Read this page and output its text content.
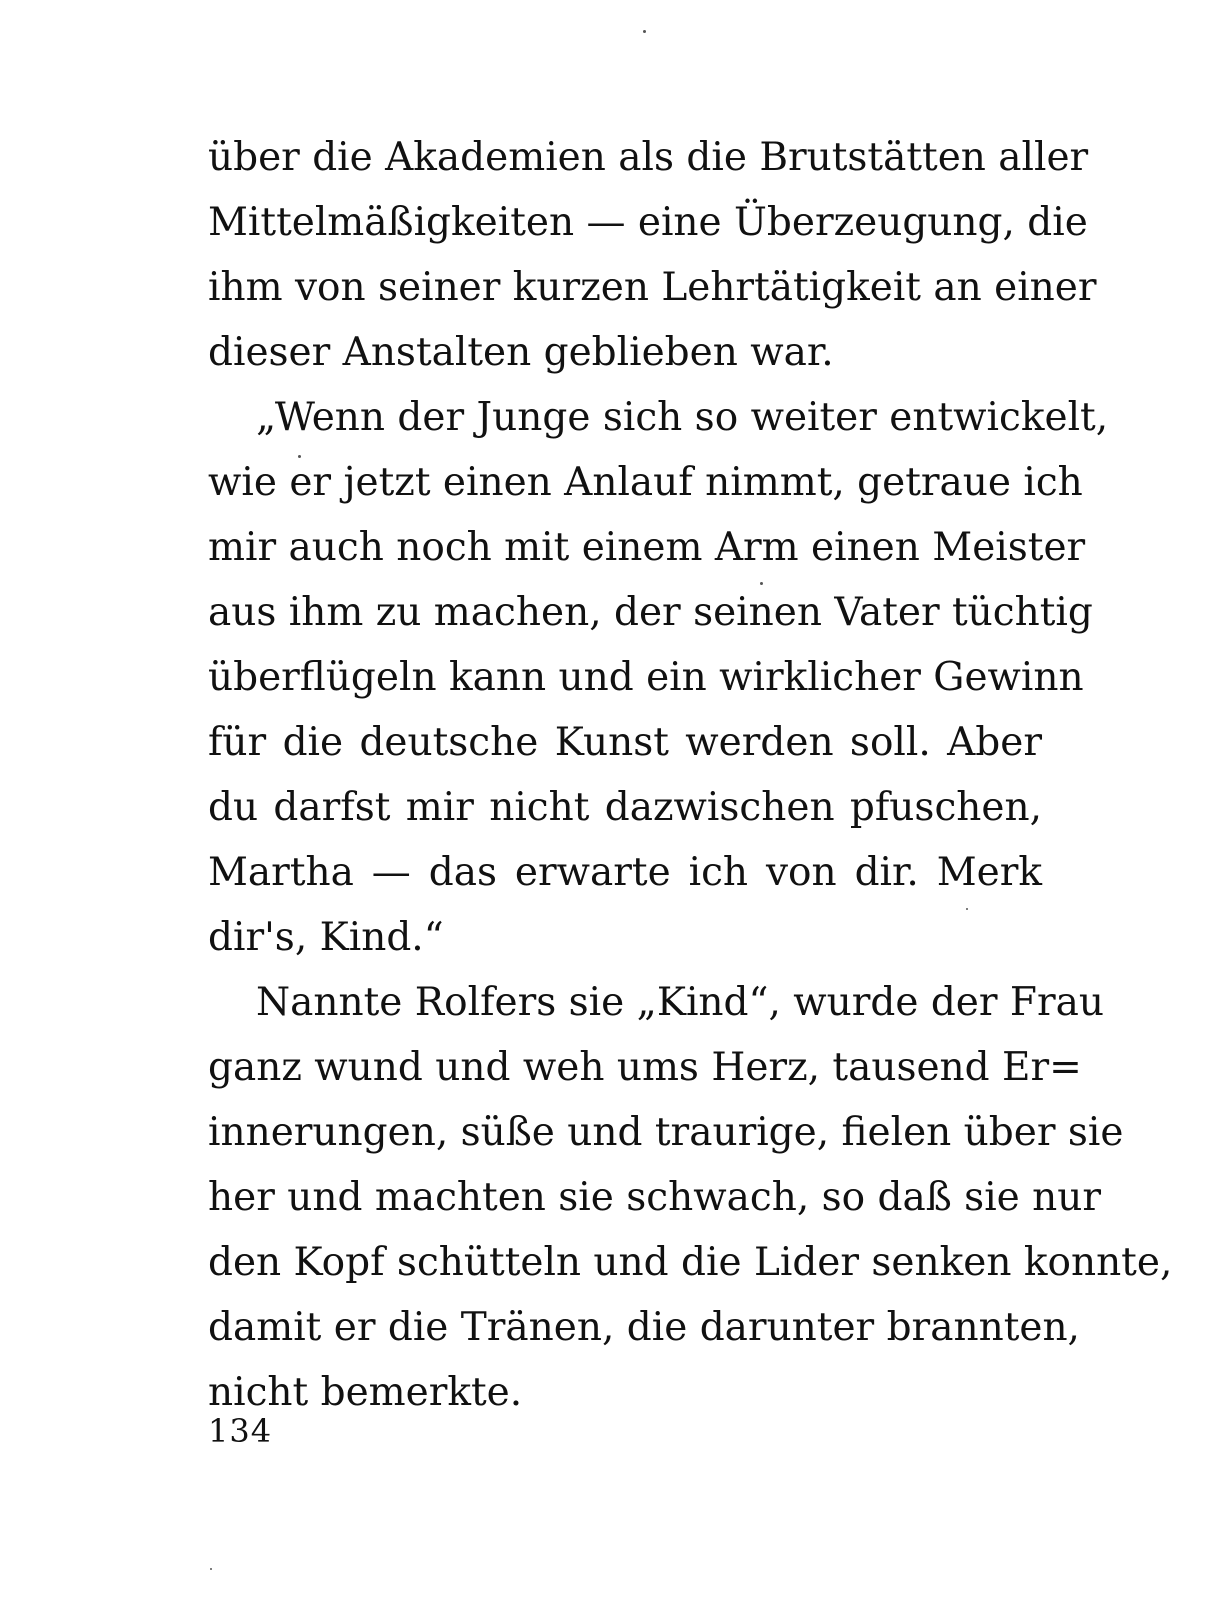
über die Akademien als die Brutstätten aller
Mittelmäßigkeiten — eine Überzeugung, die
ihm von seiner kurzen Lehrtätigkeit an einer
dieser Anstalten geblieben war.
„Wenn der Junge sich so weiter entwickelt,
wie er jetzt einen Anlauf nimmt, getraue ich
mir auch noch mit einem Arm einen Meister
aus ihm zu machen, der seinen Vater tüchtig
überflügeln kann und ein wirklicher Gewinn
für die deutsche Kunst werden soll. Aber
du darfst mir nicht dazwischen pfuschen,
Martha — das erwarte ich von dir. Merk
dir's, Kind.“
Nannte Rolfers sie „Kind“, wurde der Frau
ganz wund und weh ums Herz, tausend Er=
innerungen, süße und traurige, fielen über sie
her und machten sie schwach, so daß sie nur
den Kopf schütteln und die Lider senken konnte,
damit er die Tränen, die darunter brannten,
nicht bemerkte.
134
